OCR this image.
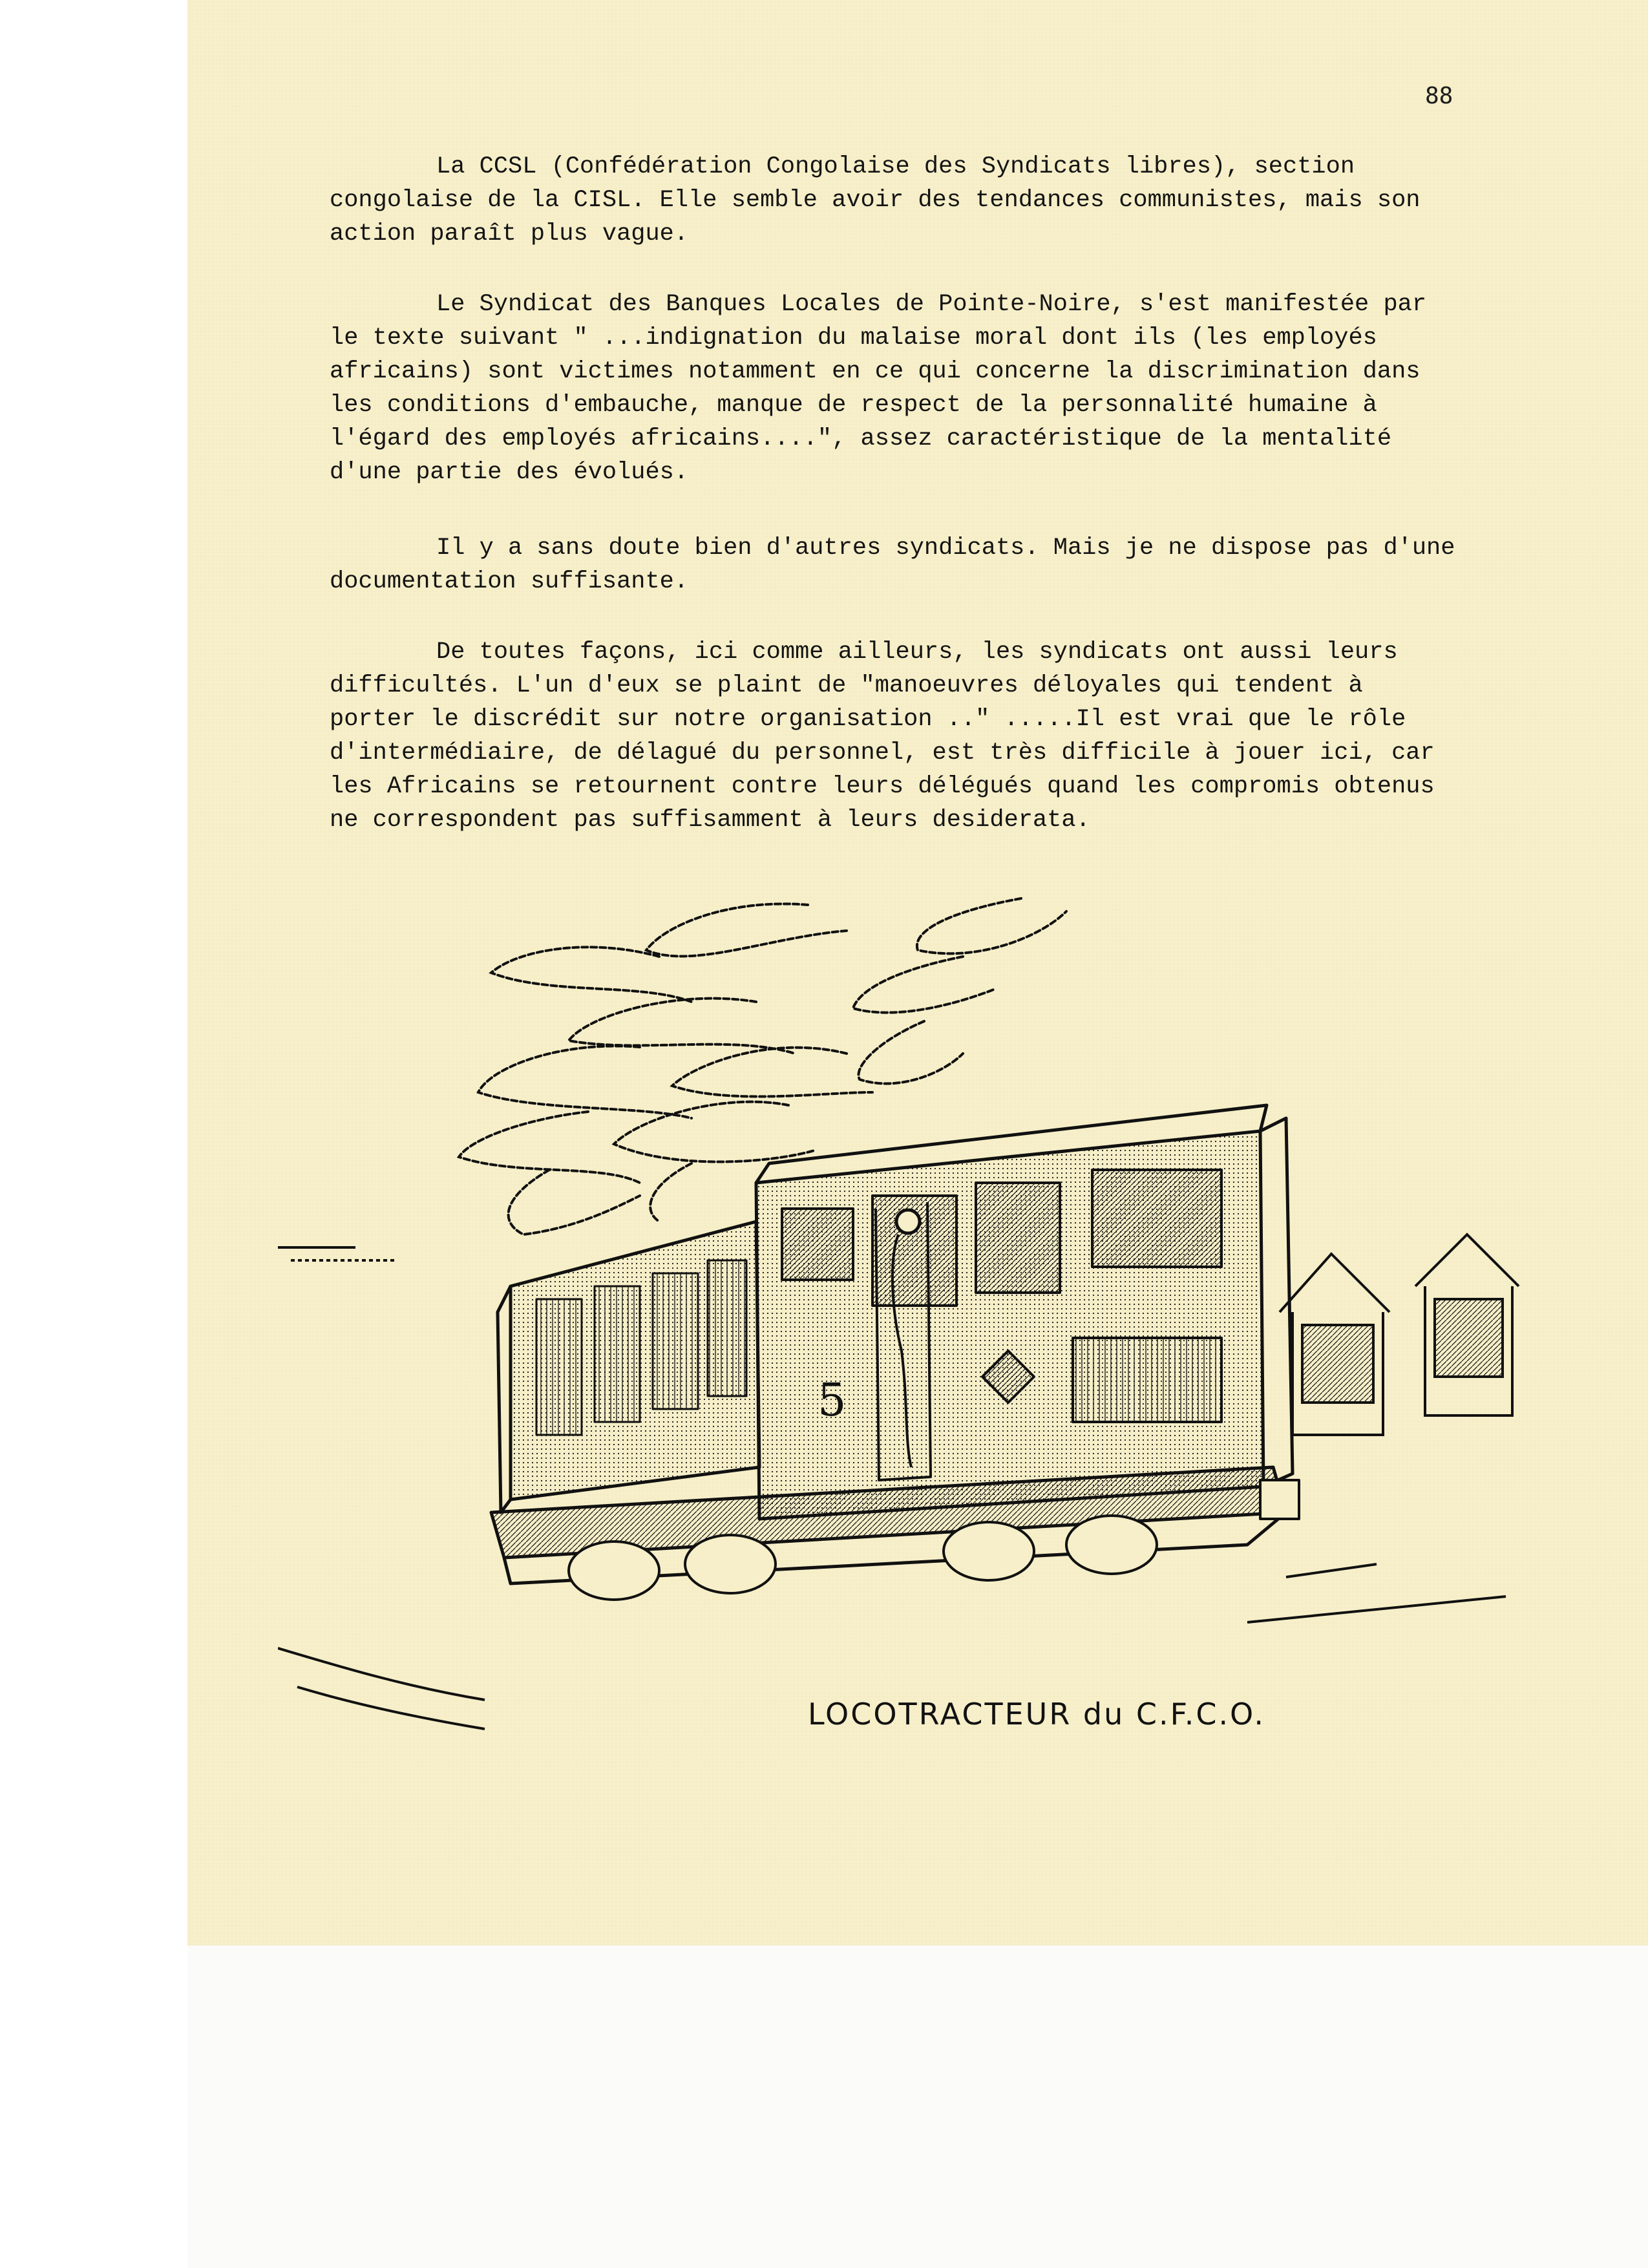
88
La CCSL (Confédération Congolaise des Syndicats libres), section
congolaise de la CISL. Elle semble avoir des tendances communistes, mais son
action paraît plus vague.
Le Syndicat des Banques Locales de Pointe-Noire, s'est manifestée par
le texte suivant " ...indignation du malaise moral dont ils (les employés
africains) sont victimes notamment en ce qui concerne la discrimination dans
les conditions d'embauche, manque de respect de la personnalité humaine à
l'égard des employés africains....", assez caractéristique de la mentalité
d'une partie des évolués.
Il y a sans doute bien d'autres syndicats. Mais je ne dispose pas d'une
documentation suffisante.
De toutes façons, ici comme ailleurs, les syndicats ont aussi leurs
difficultés. L'un d'eux se plaint de "manoeuvres déloyales qui tendent à
porter le discrédit sur notre organisation .." .....Il est vrai que le rôle
d'intermédiaire, de délagué du personnel, est très difficile à jouer ici, car
les Africains se retournent contre leurs délégués quand les compromis obtenus
ne correspondent pas suffisamment à leurs desiderata.
5
LOCOTRACTEUR du C.F.C.O.
